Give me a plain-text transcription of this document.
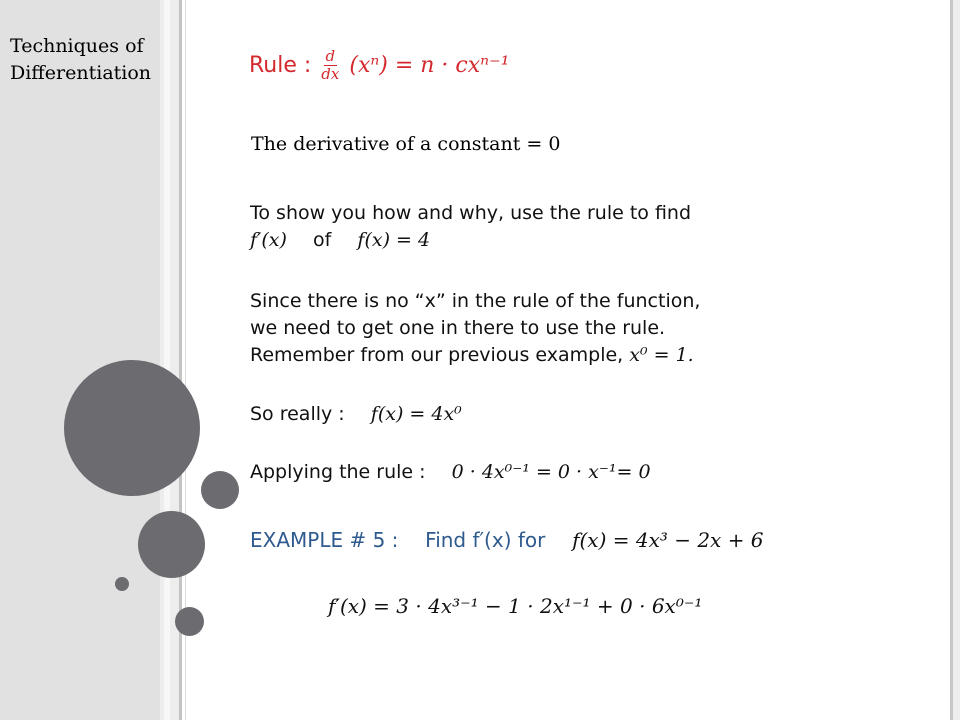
Techniques of
Differentiation	Rule : $\frac{d}{dx} (x^n) = n \cdot cx^{n-1}$
The derivative of a constant = 0
To show you how and why, use the rule to find
f′(x) of f(x) = 4
Since there is no “x” in the rule of the function,
we need to get one in there to use the rule.
Remember from our previous example, x⁰ = 1.
So really : f(x) = 4x⁰
Applying the rule : 0 · 4x⁰⁻¹ = 0 · x⁻¹= 0
EXAMPLE # 5 : Find f′(x) for f(x) = 4x³ − 2x + 6
f′(x) = 3 · 4x³⁻¹ − 1 · 2x¹⁻¹ + 0 · 6x⁰⁻¹
